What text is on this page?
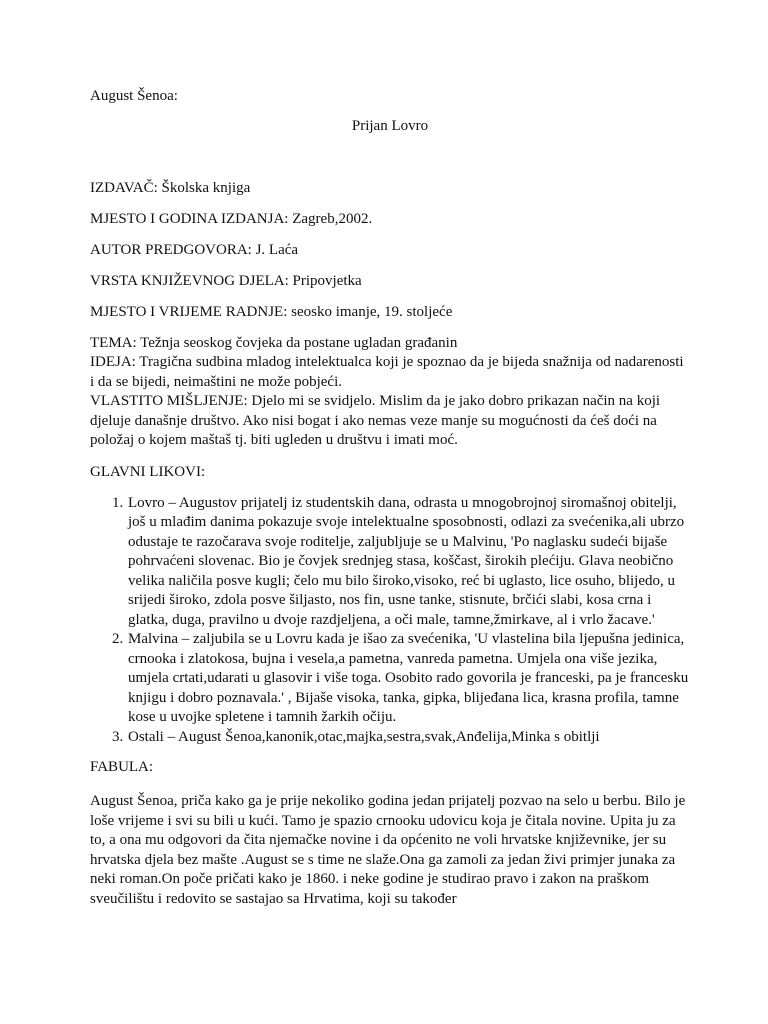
August Šenoa:

Prijan Lovro

IZDAVAČ: Školska knjiga

MJESTO I GODINA IZDANJA: Zagreb,2002.

AUTOR PREDGOVORA: J. Laća

VRSTA KNJIŽEVNOG DJELA: Pripovjetka

MJESTO I VRIJEME RADNJE: seosko imanje, 19. stoljeće

TEMA: Težnja seoskog čovjeka da postane ugladan građanin

IDEJA: Tragična sudbina mladog intelektualca koji je spoznao da je bijeda snažnija od nadarenosti i da se bijedi, neimaštini ne može pobjeći.

VLASTITO MIŠLJENJE: Djelo mi se svidjelo. Mislim da je jako dobro prikazan način na koji djeluje današnje društvo. Ako nisi bogat i ako nemas veze manje su mogućnosti da ćeš doći na položaj o kojem maštaš tj. biti ugleden u društvu i imati moć.

GLAVNI LIKOVI:

1. Lovro – Augustov prijatelj iz studentskih dana, odrasta u mnogobrojnoj siromašnoj obitelji, još u mlađim danima pokazuje svoje intelektualne sposobnosti, odlazi za svećenika,ali ubrzo odustaje te razočarava svoje roditelje, zaljubljuje se u Malvinu, 'Po naglasku sudeći bijaše pohrvaćeni slovenac. Bio je čovjek srednjeg stasa, koščast, širokih plećiju. Glava neobično velika naličila posve kugli; čelo mu bilo široko,visoko, reć bi uglasto, lice osuho, blijedo, u srijedi široko, zdola posve šiljasto, nos fin, usne tanke, stisnute, brčići slabi, kosa crna i glatka, duga, pravilno u dvoje razdjeljena, a oči male, tamne,žmirkave, al i vrlo žacave.'
2. Malvina – zaljubila se u Lovru kada je išao za svećenika, 'U vlastelina bila ljepušna jedinica, crnooka i zlatokosa, bujna i vesela,a pametna, vanreda pametna. Umjela ona više jezika, umjela crtati,udarati u glasovir i više toga. Osobito rado govorila je franceski, pa je francesku knjigu i dobro poznavala.' , Bijaše visoka, tanka, gipka, blijeđana lica, krasna profila, tamne kose u uvojke spletene i tamnih žarkih očiju.
3. Ostali – August Šenoa,kanonik,otac,majka,sestra,svak,Anđelija,Minka s obitlji

FABULA:

August Šenoa, priča kako ga je prije nekoliko godina jedan prijatelj pozvao na selo u berbu. Bilo je loše vrijeme i svi su bili u kući. Tamo je spazio crnooku udovicu koja je čitala novine. Upita ju za to, a ona mu odgovori da čita njemačke novine i da općenito ne voli hrvatske književnike, jer su hrvatska djela bez mašte .August se s time ne slaže.Ona ga zamoli za jedan živi primjer junaka za neki roman.On poče pričati kako je 1860. i neke godine je studirao pravo i zakon na praškom sveučilištu i redovito se sastajao sa Hrvatima, koji su također
